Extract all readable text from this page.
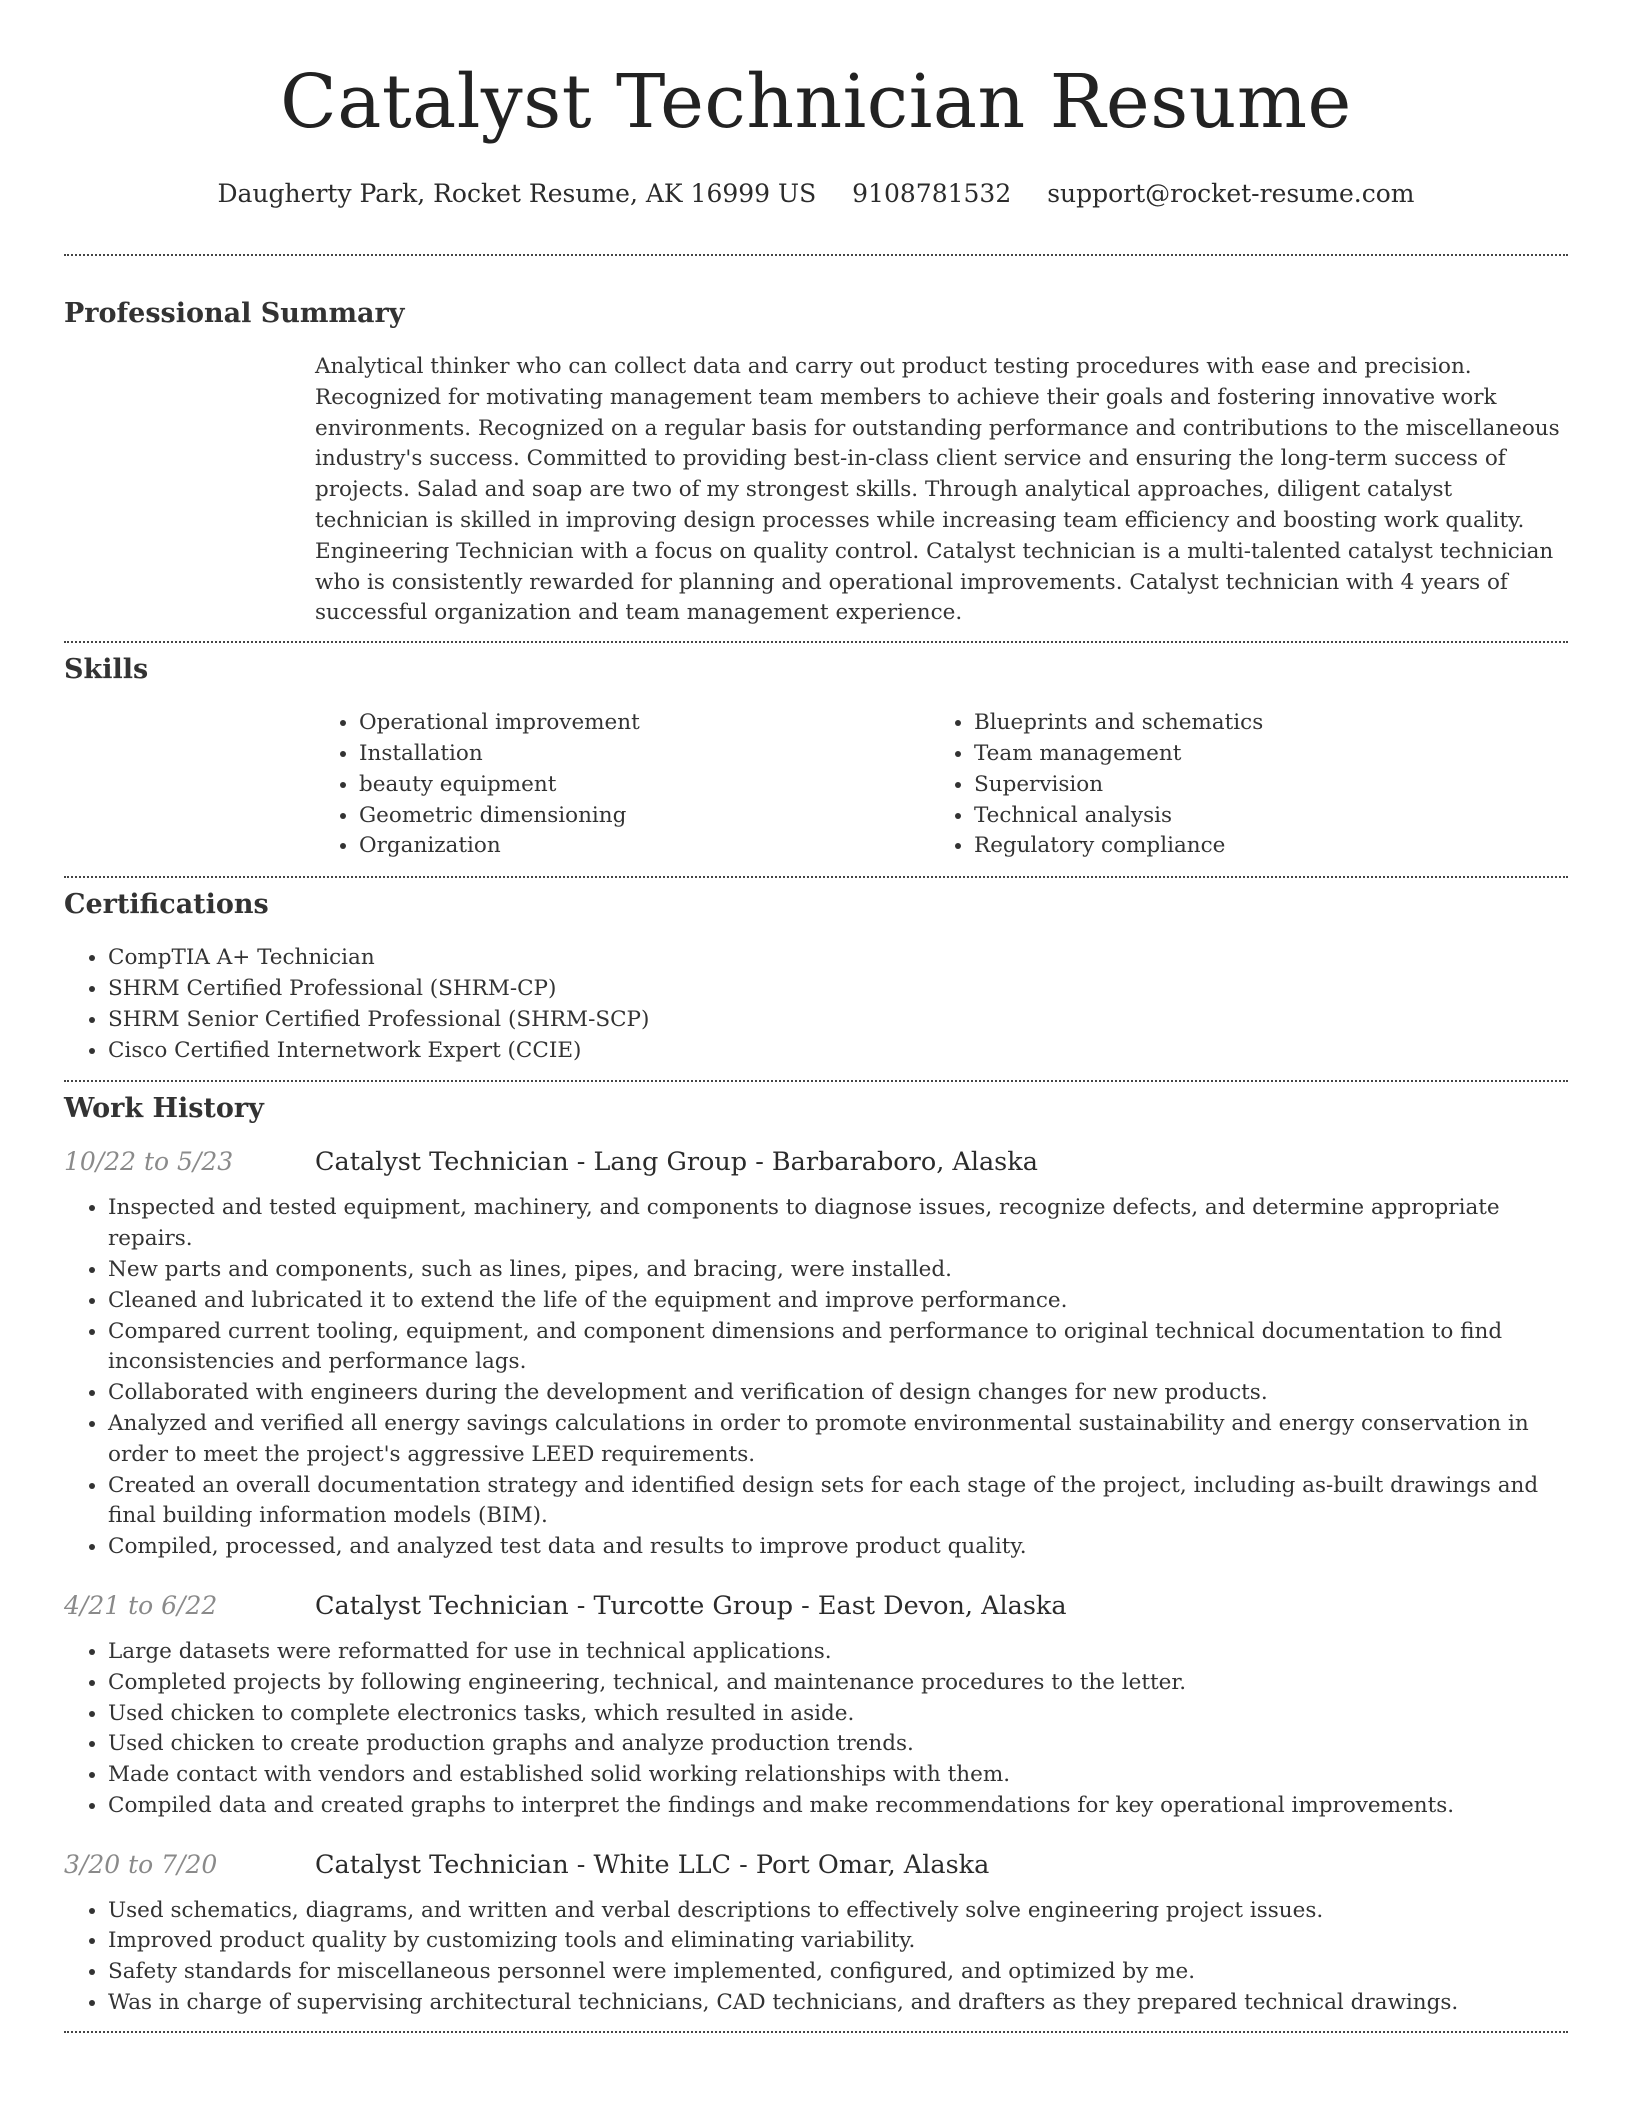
Catalyst Technician Resume
Daugherty Park, Rocket Resume, AK 16999 US 9108781532 support@rocket-resume.com
Professional Summary

Analytical thinker who can collect data and carry out product testing procedures with ease and precision. Recognized for motivating management team members to achieve their goals and fostering innovative work environments. Recognized on a regular basis for outstanding performance and contributions to the miscellaneous industry's success. Committed to providing best-in-class client service and ensuring the long-term success of projects. Salad and soap are two of my strongest skills. Through analytical approaches, diligent catalyst technician is skilled in improving design processes while increasing team efficiency and boosting work quality. Engineering Technician with a focus on quality control. Catalyst technician is a multi-talented catalyst technician who is consistently rewarded for planning and operational improvements. Catalyst technician with 4 years of successful organization and team management experience.

Skills
• Operational improvement
• Installation
• beauty equipment
• Geometric dimensioning
• Organization
• Blueprints and schematics
• Team management
• Supervision
• Technical analysis
• Regulatory compliance
Certifications
• CompTIA A+ Technician
• SHRM Certified Professional (SHRM-CP)
• SHRM Senior Certified Professional (SHRM-SCP)
• Cisco Certified Internetwork Expert (CCIE)
Work History
10/22 to 5/23	Catalyst Technician - Lang Group - Barbaraboro, Alaska
• Inspected and tested equipment, machinery, and components to diagnose issues, recognize defects, and determine appropriate repairs.
• New parts and components, such as lines, pipes, and bracing, were installed.
• Cleaned and lubricated it to extend the life of the equipment and improve performance.
• Compared current tooling, equipment, and component dimensions and performance to original technical documentation to find inconsistencies and performance lags.
• Collaborated with engineers during the development and verification of design changes for new products.
• Analyzed and verified all energy savings calculations in order to promote environmental sustainability and energy conservation in order to meet the project's aggressive LEED requirements.
• Created an overall documentation strategy and identified design sets for each stage of the project, including as-built drawings and final building information models (BIM).
• Compiled, processed, and analyzed test data and results to improve product quality.
4/21 to 6/22	Catalyst Technician - Turcotte Group - East Devon, Alaska
• Large datasets were reformatted for use in technical applications.
• Completed projects by following engineering, technical, and maintenance procedures to the letter.
• Used chicken to complete electronics tasks, which resulted in aside.
• Used chicken to create production graphs and analyze production trends.
• Made contact with vendors and established solid working relationships with them.
• Compiled data and created graphs to interpret the findings and make recommendations for key operational improvements.
3/20 to 7/20	Catalyst Technician - White LLC - Port Omar, Alaska
• Used schematics, diagrams, and written and verbal descriptions to effectively solve engineering project issues.
• Improved product quality by customizing tools and eliminating variability.
• Safety standards for miscellaneous personnel were implemented, configured, and optimized by me.
• Was in charge of supervising architectural technicians, CAD technicians, and drafters as they prepared technical drawings.
